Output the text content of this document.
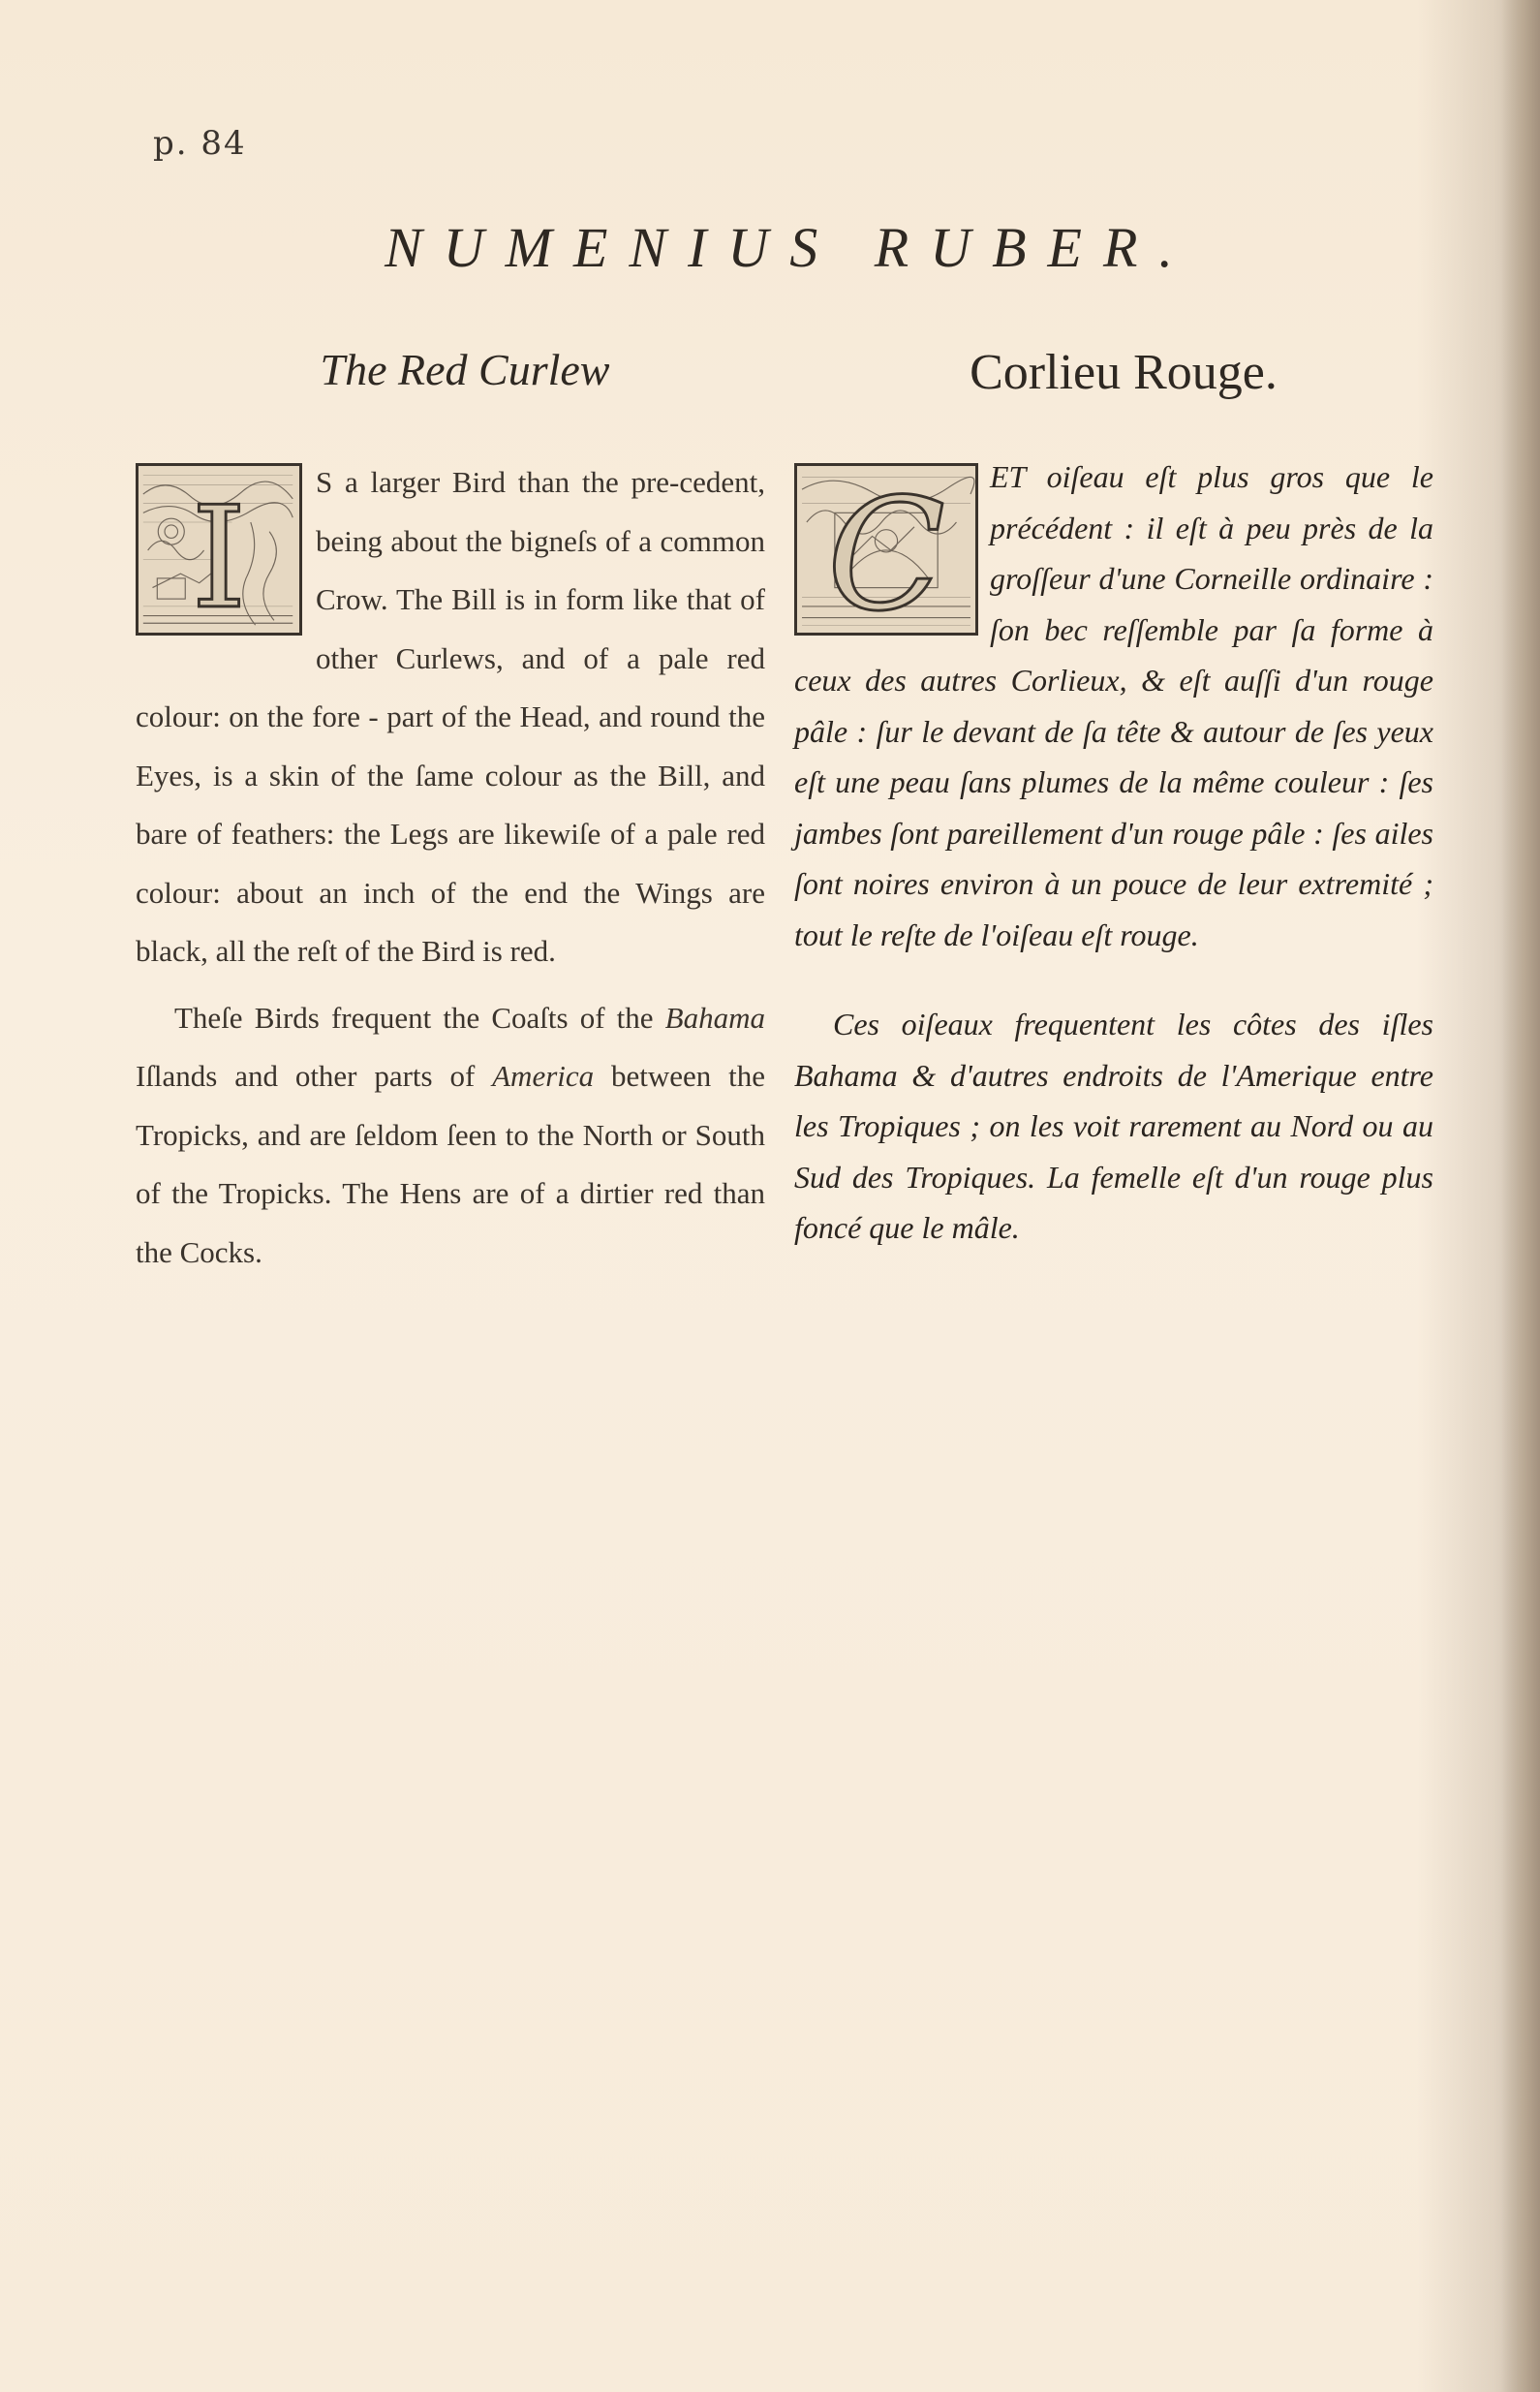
p. 84
NUMENIUS RUBER.
The Red Curlew
I	S a larger Bird than the pre-cedent, being about the bigneſs of a common Crow. The Bill is in form like that of other Curlews, and of a pale red colour: on the fore - part of the Head, and round the Eyes, is a skin of the ſame colour as the Bill, and bare of feathers: the Legs are likewiſe of a pale red colour: about an inch of the end the Wings are black, all the reſt of the Bird is red.

Theſe Birds frequent the Coaſts of the Bahama Iſlands and other parts of America between the Tropicks, and are ſeldom ſeen to the North or South of the Tropicks. The Hens are of a dirtier red than the Cocks.

Corlieu Rouge.
C	ET oiſeau eſt plus gros que le précédent : il eſt à peu près de la groſſeur d'une Corneille ordinaire : ſon bec reſſemble par ſa forme à ceux des autres Corlieux, & eſt auſſi d'un rouge pâle : ſur le devant de ſa tête & autour de ſes yeux eſt une peau ſans plumes de la même couleur : ſes jambes ſont pareillement d'un rouge pâle : ſes ailes ſont noires environ à un pouce de leur extremité ; tout le reſte de l'oiſeau eſt rouge.

Ces oiſeaux frequentent les côtes des iſles Bahama & d'autres endroits de l'Amerique entre les Tropiques ; on les voit rarement au Nord ou au Sud des Tropiques. La femelle eſt d'un rouge plus foncé que le mâle.
